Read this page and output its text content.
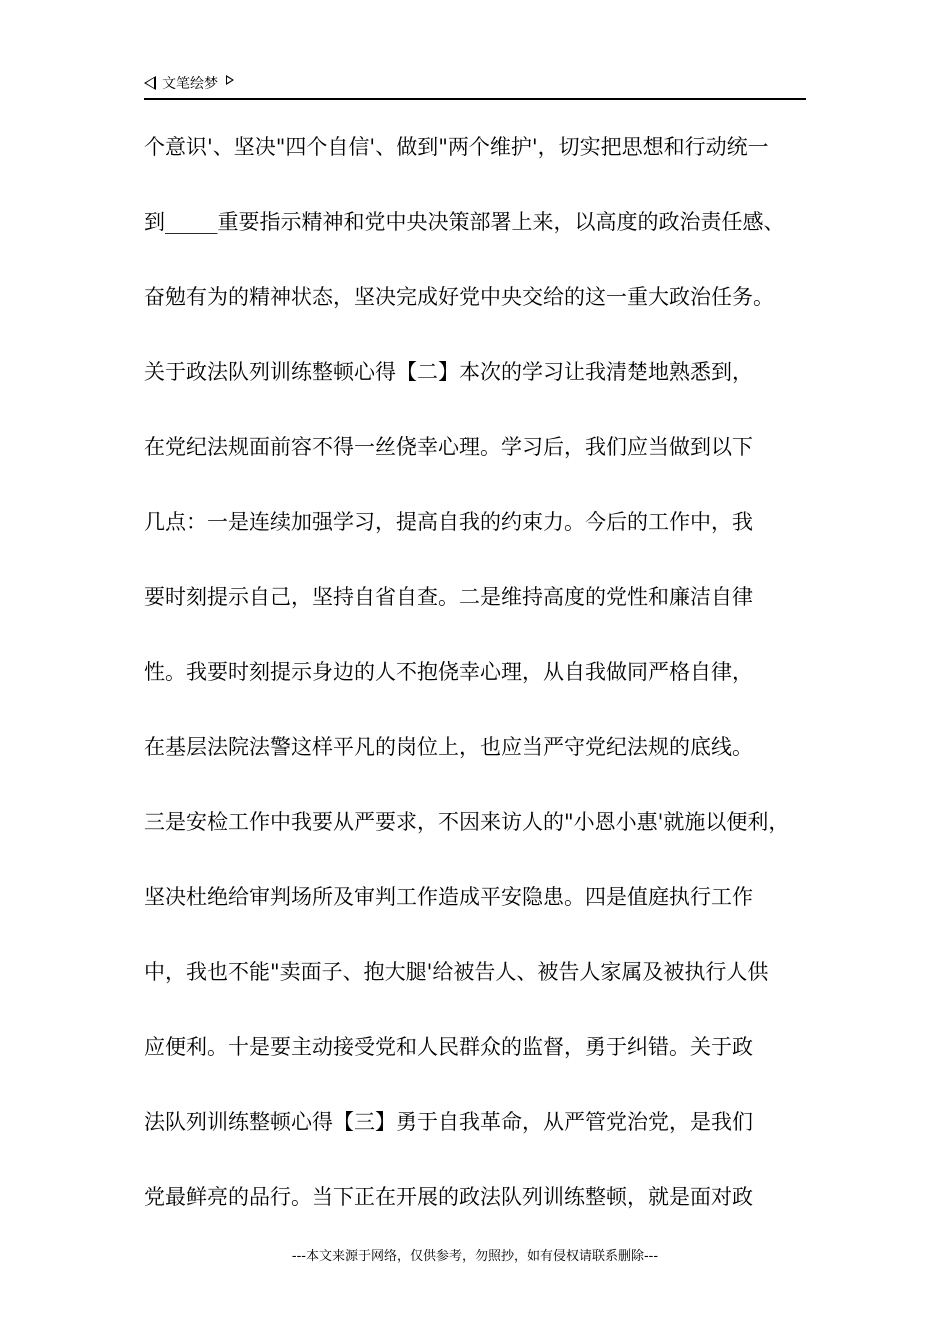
文笔绘梦
个意识'、坚决"四个自信'、做到"两个维护'，切实把思想和行动统一
到_____重要指示精神和党中央决策部署上来，以高度的政治责任感、
奋勉有为的精神状态，坚决完成好党中央交给的这一重大政治任务。
关于政法队列训练整顿心得【二】本次的学习让我清楚地熟悉到，
在党纪法规面前容不得一丝侥幸心理。学习后，我们应当做到以下
几点：一是连续加强学习，提高自我的约束力。今后的工作中，我
要时刻提示自己，坚持自省自查。二是维持高度的党性和廉洁自律
性。我要时刻提示身边的人不抱侥幸心理，从自我做同严格自律，
在基层法院法警这样平凡的岗位上，也应当严守党纪法规的底线。
三是安检工作中我要从严要求，不因来访人的"小恩小惠'就施以便利，
坚决杜绝给审判场所及审判工作造成平安隐患。四是值庭执行工作
中，我也不能"卖面子、抱大腿'给被告人、被告人家属及被执行人供
应便利。十是要主动接受党和人民群众的监督，勇于纠错。关于政
法队列训练整顿心得【三】勇于自我革命，从严管党治党，是我们
党最鲜亮的品行。当下正在开展的政法队列训练整顿，就是面对政
---本文来源于网络，仅供参考，勿照抄，如有侵权请联系删除---
